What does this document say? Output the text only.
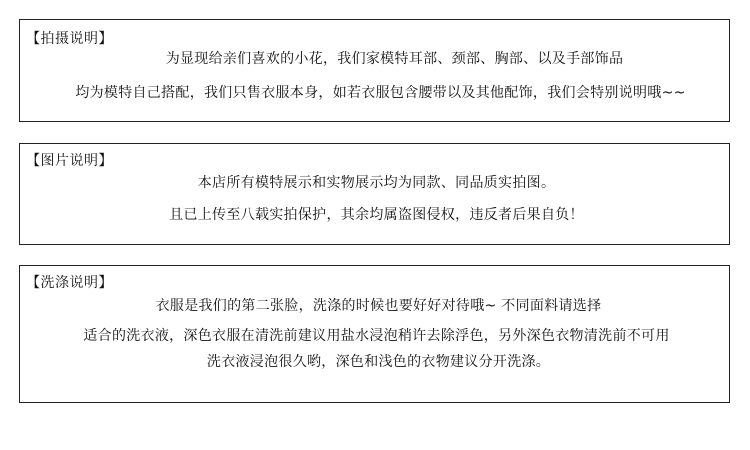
【拍摄说明】
为显现给亲们喜欢的小花，我们家模特耳部、颈部、胸部、以及手部饰品
均为模特自己搭配，我们只售衣服本身，如若衣服包含腰带以及其他配饰，我们会特别说明哦~~
【图片说明】
本店所有模特展示和实物展示均为同款、同品质实拍图。
且已上传至八载实拍保护，其余均属盗图侵权，违反者后果自负！
【洗涤说明】
衣服是我们的第二张脸，洗涤的时候也要好好对待哦~ 不同面料请选择
适合的洗衣液，深色衣服在清洗前建议用盐水浸泡稍许去除浮色，另外深色衣物清洗前不可用
洗衣液浸泡很久哟，深色和浅色的衣物建议分开洗涤。
